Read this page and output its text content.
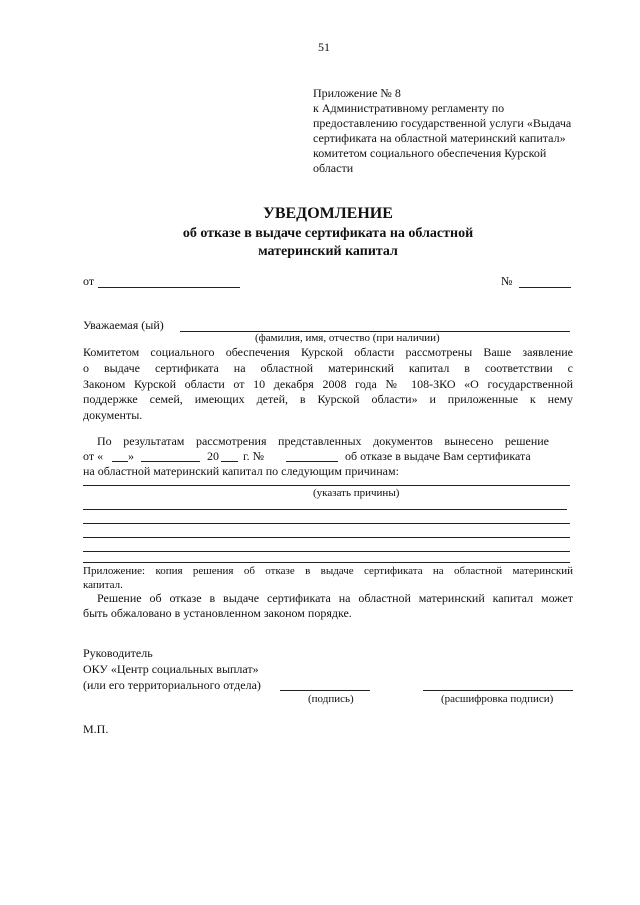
51
Приложение № 8
к Административному регламенту по
предоставлению государственной услуги «Выдача
сертификата на областной материнский капитал»
комитетом социального обеспечения Курской
области
УВЕДОМЛЕНИЕ
об отказе в выдаче сертификата на областной
материнский капитал
от	№
Уважаемая (ый)
(фамилия, имя, отчество (при наличии)
Комитетом социального обеспечения Курской области рассмотрены Ваше заявление
о выдаче сертификата на областной материнский капитал в соответствии с
Законом Курской области от 10 декабря 2008 года № 108-ЗКО «О государственной
поддержке семей, имеющих детей, в Курской области» и приложенные к нему
документы.
По результатам рассмотрения представленных документов вынесено решение
от « »	20 г. №	об отказе в выдаче Вам сертификата
на областной материнский капитал по следующим причинам:
(указать причины)
Приложение: копия решения об отказе в выдаче сертификата на областной материнский
капитал.
Решение об отказе в выдаче сертификата на областной материнский капитал может
быть обжаловано в установленном законом порядке.
Руководитель
ОКУ «Центр социальных выплат»
(или его территориального отдела)
(подпись)	(расшифровка подписи)
М.П.
